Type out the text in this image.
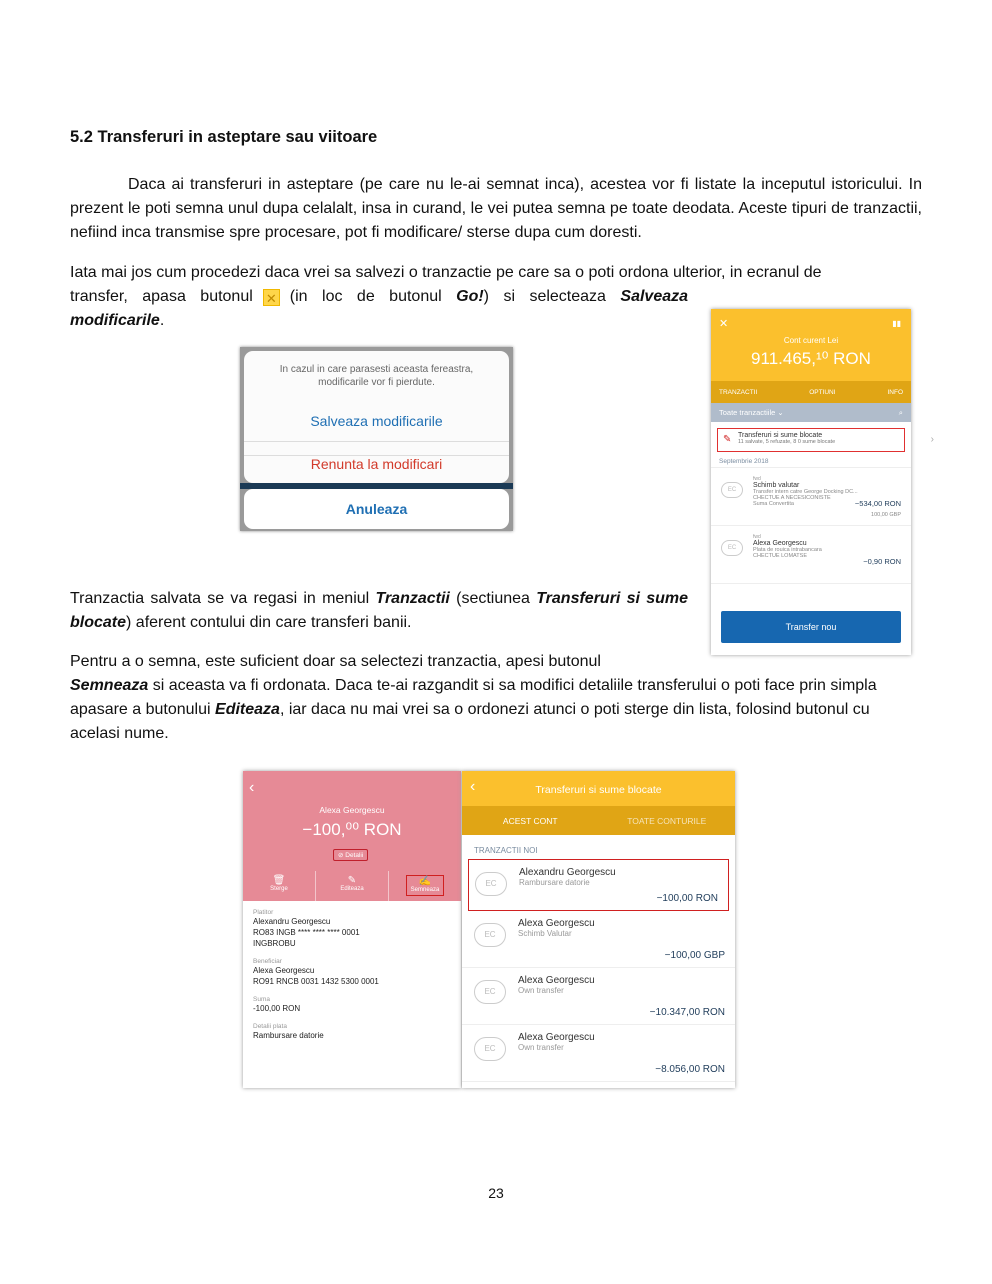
5.2 Transferuri in asteptare sau viitoare
Daca ai transferuri in asteptare (pe care nu le-ai semnat inca), acestea vor fi listate la inceputul istoricului. In prezent le poti semna unul dupa celalalt, insa in curand, le vei putea semna pe toate deodata. Aceste tipuri de tranzactii, nefiind inca transmise spre procesare, pot fi modificare/ sterse dupa cum doresti.
Iata mai jos cum procedezi daca vrei sa salvezi o tranzactie pe care sa o poti ordona ulterior, in ecranul de
transfer, apasa butonul ✕ (in loc de butonul Go!) si selecteaza Salveaza modificarile.
In cazul in care parasesti aceasta fereastra, modificarile vor fi pierdute.
Salveaza modificarile
Renunta la modificari
Anuleaza
✕	▮▮
Cont curent Lei
911.465,¹⁰ RON
TRANZACTII	OPTIUNI	INFO
Toate tranzactiile ⌄	⌕
✎ Transferuri si sume blocate
11 salvate, 5 refuzate, 8 0 sume blocate	›
Septembrie 2018
EC
fwd
Schimb valutar
Transfer intern catre George Docking DC...
CHECTUE A NECESICONISTE
Suma Convertita	−534,00 RON
100,00 GBP
EC
fwd
Alexa Georgescu
Plata de rouica intrabancara
CHECTUE LOMATSE
−0,90 RON
Transfer nou
Tranzactia salvata se va regasi in meniul Tranzactii (sectiunea Transferuri si sume blocate) aferent contului din care transferi banii.
Pentru a o semna, este suficient doar sa selectezi tranzactia, apesi butonul
Semneaza si aceasta va fi ordonata. Daca te-ai razgandit si sa modifici detaliile transferului o poti face prin simpla apasare a butonului Editeaza, iar daca nu mai vrei sa o ordonezi atunci o poti sterge din lista, folosind butonul cu acelasi nume.
‹
Alexa Georgescu
−100,⁰⁰ RON
⊘ Detalii
🗑
Sterge
✎
Editeaza
✍
Semneaza
Platitor
Alexandru Georgescu
RO83 INGB **** **** **** 0001
INGBROBU
Beneficiar
Alexa Georgescu
RO91 RNCB 0031 1432 5300 0001
Suma
-100,00 RON
Detalii plata
Rambursare datorie
‹	Transferuri si sume blocate
ACEST CONT	TOATE CONTURILE
TRANZACTII NOI
EC
Alexandru Georgescu
Rambursare datorie
−100,00 RON
EC
Alexa Georgescu
Schimb Valutar
−100,00 GBP
EC
Alexa Georgescu
Own transfer
−10.347,00 RON
EC
Alexa Georgescu
Own transfer
−8.056,00 RON
23
